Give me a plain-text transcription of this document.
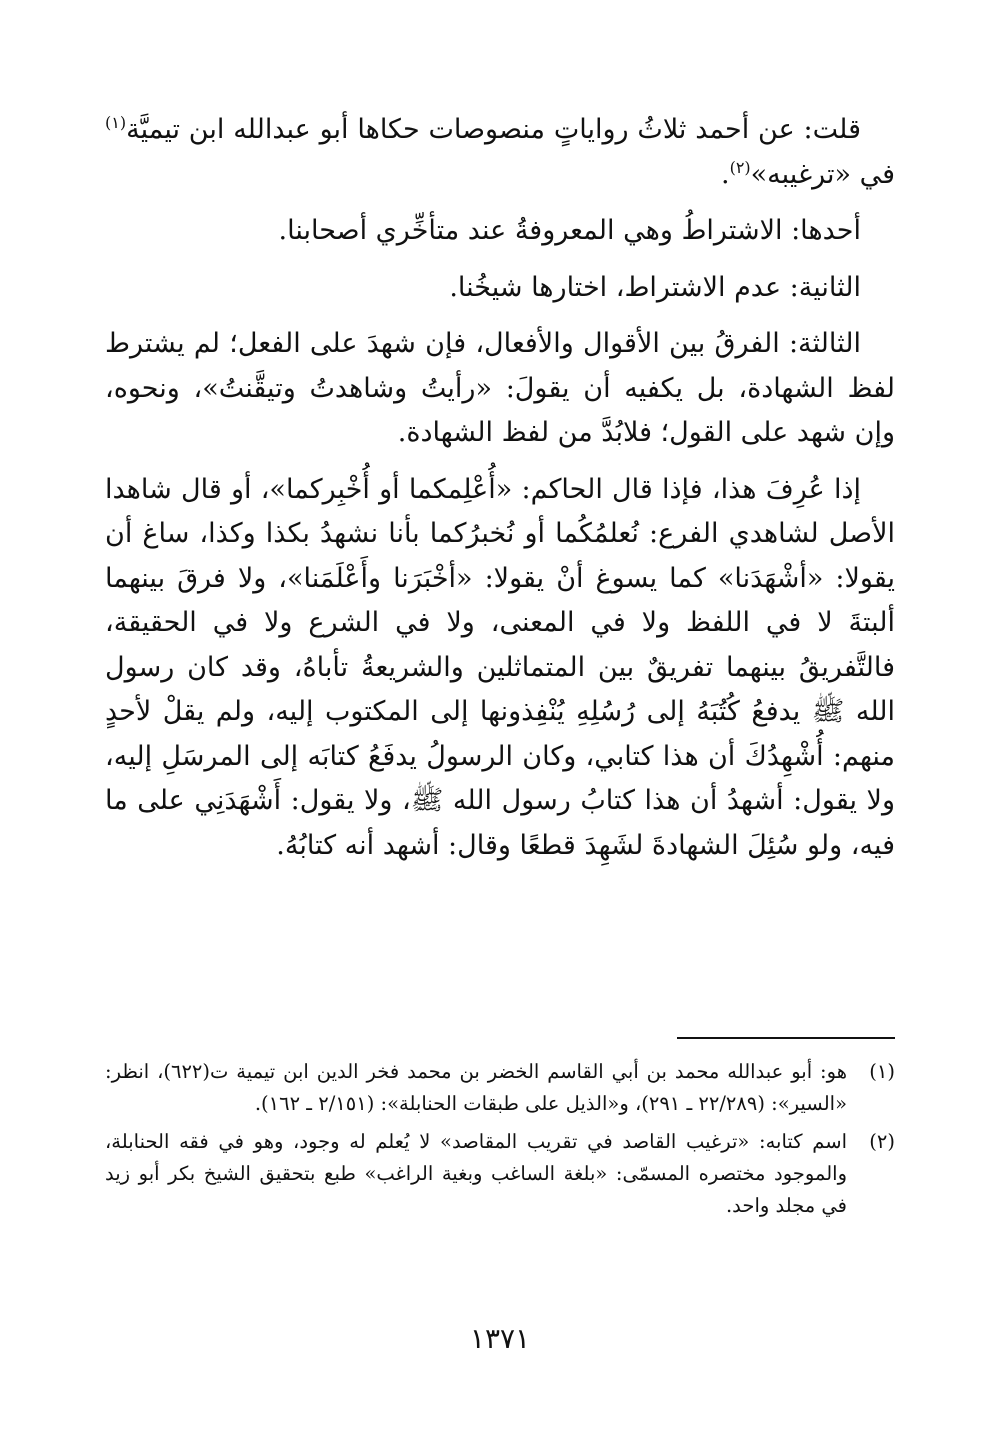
قلت: عن أحمد ثلاثُ رواياتٍ منصوصات حكاها أبو عبدالله ابن تيميَّة$^{(١)}$ في «ترغيبه»$^{(٢)}$.

أحدها: الاشتراطُ وهي المعروفةُ عند متأخِّري أصحابنا.

الثانية: عدم الاشتراط، اختارها شيخُنا.

الثالثة: الفرقُ بين الأقوال والأفعال، فإن شهدَ على الفعل؛ لم يشترط لفظ الشهادة، بل يكفيه أن يقولَ: «رأيتُ وشاهدتُ وتيقَّنتُ»، ونحوه، وإن شهد على القول؛ فلابُدَّ من لفظ الشهادة.

إذا عُرِفَ هذا، فإذا قال الحاكم: «أُعْلِمكما أو أُخْبِركما»، أو قال شاهدا الأصل لشاهدي الفرع: نُعلمُكُما أو نُخبرُكما بأنا نشهدُ بكذا وكذا، ساغ أن يقولا: «أشْهَدَنا» كما يسوغ أنْ يقولا: «أخْبَرَنا وأَعْلَمَنا»، ولا فرقَ بينهما ألبتةَ لا في اللفظ ولا في المعنى، ولا في الشرع ولا في الحقيقة، فالتَّفريقُ بينهما تفريقٌ بين المتماثلين والشريعةُ تأباهُ، وقد كان رسول الله ﷺ يدفعُ كُتُبَهُ إلى رُسُلِهِ يُنْفِذونها إلى المكتوب إليه، ولم يقلْ لأحدٍ منهم: أُشْهِدُكَ أن هذا كتابي، وكان الرسولُ يدفَعُ كتابَه إلى المرسَلِ إليه، ولا يقول: أشهدُ أن هذا كتابُ رسول الله ﷺ، ولا يقول: أَشْهَدَنِي على ما فيه، ولو سُئِلَ الشهادةَ لشَهِدَ قطعًا وقال: أشهد أنه كتابُهُ.

(١)
هو: أبو عبدالله محمد بن أبي القاسم الخضر بن محمد فخر الدين ابن تيمية ت(٦٢٢)، انظر: «السير»: (٢٢/٢٨٩ ـ ٢٩١)، و«الذيل على طبقات الحنابلة»: (٢/١٥١ ـ ١٦٢).
(٢)
اسم كتابه: «ترغيب القاصد في تقريب المقاصد» لا يُعلم له وجود، وهو في فقه الحنابلة، والموجود مختصره المسمّى: «بلغة الساغب وبغية الراغب» طبع بتحقيق الشيخ بكر أبو زيد في مجلد واحد.
١٣٧١
